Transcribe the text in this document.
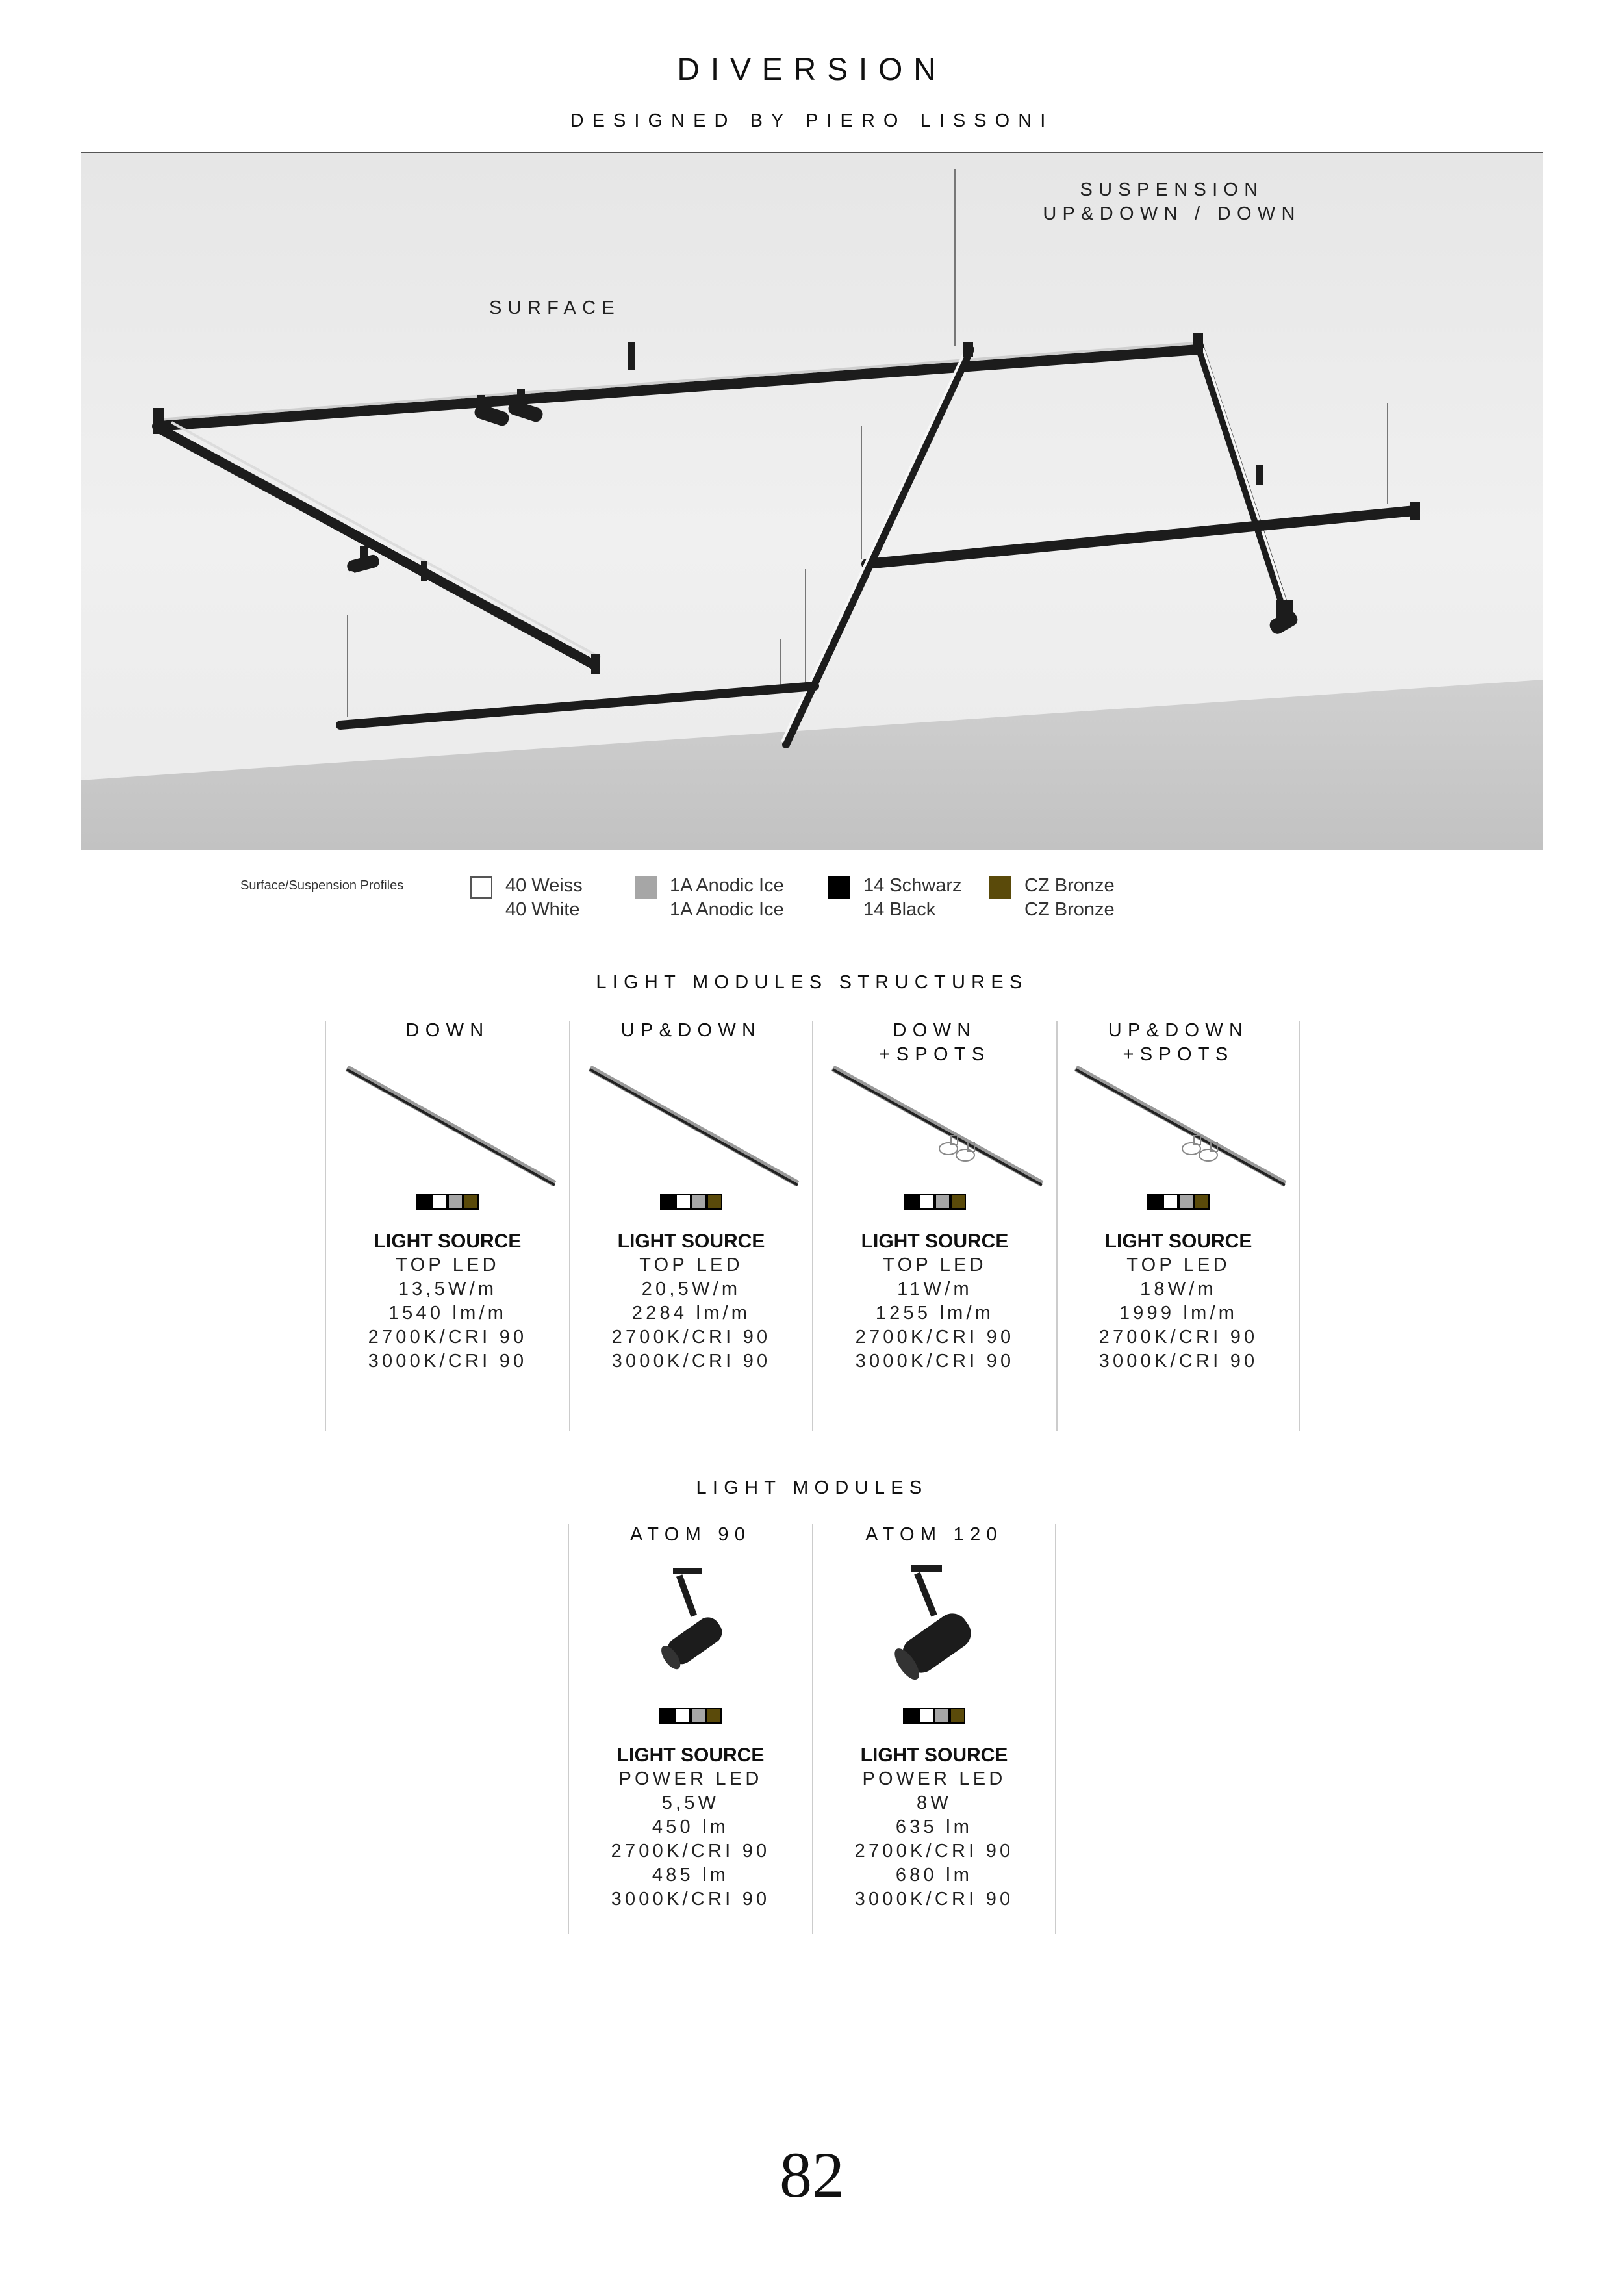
DIVERSION
DESIGNED BY PIERO LISSONI
SUSPENSION
UP&DOWN / DOWN
SURFACE
Surface/Suspension Profiles	40 Weiss
40 White
1A Anodic Ice
1A Anodic Ice
14 Schwarz
14 Black
CZ Bronze
CZ Bronze
LIGHT MODULES STRUCTURES
DOWN
LIGHT SOURCE
TOP LED
13,5W/m
1540 lm/m
2700K/CRI 90
3000K/CRI 90
UP&DOWN
LIGHT SOURCE
TOP LED
20,5W/m
2284 lm/m
2700K/CRI 90
3000K/CRI 90
DOWN
+SPOTS
LIGHT SOURCE
TOP LED
11W/m
1255 lm/m
2700K/CRI 90
3000K/CRI 90
UP&DOWN
+SPOTS
LIGHT SOURCE
TOP LED
18W/m
1999 lm/m
2700K/CRI 90
3000K/CRI 90
LIGHT MODULES
ATOM 90
LIGHT SOURCE
POWER LED
5,5W
450 lm
2700K/CRI 90
485 lm
3000K/CRI 90
ATOM 120
LIGHT SOURCE
POWER LED
8W
635 lm
2700K/CRI 90
680 lm
3000K/CRI 90
82
